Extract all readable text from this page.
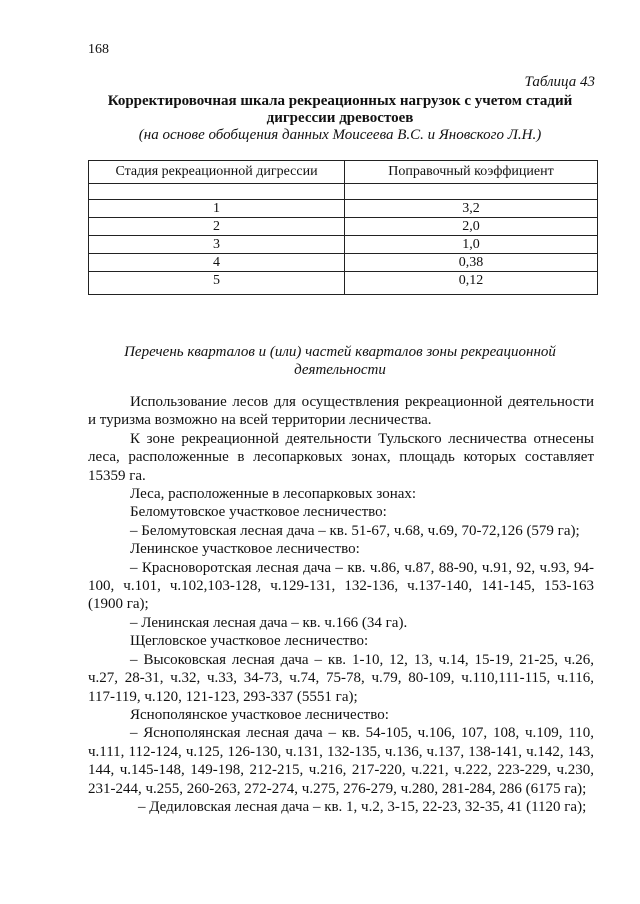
168
Таблица 43
Корректировочная шкала рекреационных нагрузок с учетом стадий дигрессии древостоев
(на основе обобщения данных Моисеева В.С. и Яновского Л.Н.)
Стадия рекреационной дигрессии	Поправочный коэффициент

1	3,2
2	2,0
3	1,0
4	0,38
5	0,12
Перечень кварталов и (или) частей кварталов зоны рекреационной деятельности

Использование лесов для осуществления рекреационной деятельности и туризма возможно на всей территории лесничества.

К зоне рекреационной деятельности Тульского лесничества отнесены леса, расположенные в лесопарковых зонах, площадь которых составляет 15359 га.

Леса, расположенные в лесопарковых зонах:

Беломутовское участковое лесничество:

– Беломутовская лесная дача – кв. 51-67, ч.68, ч.69, 70-72,126 (579 га);

Ленинское участковое лесничество:

– Красноворотская лесная дача – кв. ч.86, ч.87, 88-90, ч.91, 92, ч.93, 94-100, ч.101, ч.102,103-128, ч.129-131, 132-136, ч.137-140, 141-145, 153-163 (1900 га);

– Ленинская лесная дача – кв. ч.166 (34 га).

Щегловское участковое лесничество:

– Высоковская лесная дача – кв. 1-10, 12, 13, ч.14, 15-19, 21-25, ч.26, ч.27, 28-31, ч.32, ч.33, 34-73, ч.74, 75-78, ч.79, 80-109, ч.110,111-115, ч.116, 117-119, ч.120, 121-123, 293-337 (5551 га);

Яснополянское участковое лесничество:

– Яснополянская лесная дача – кв. 54-105, ч.106, 107, 108, ч.109, 110, ч.111, 112-124, ч.125, 126-130, ч.131, 132-135, ч.136, ч.137, 138-141, ч.142, 143, 144, ч.145-148, 149-198, 212-215, ч.216, 217-220, ч.221, ч.222, 223-229, ч.230, 231-244, ч.255, 260-263, 272-274, ч.275, 276-279, ч.280, 281-284, 286 (6175 га);

– Дедиловская лесная дача – кв. 1, ч.2, 3-15, 22-23, 32-35, 41 (1120 га);
